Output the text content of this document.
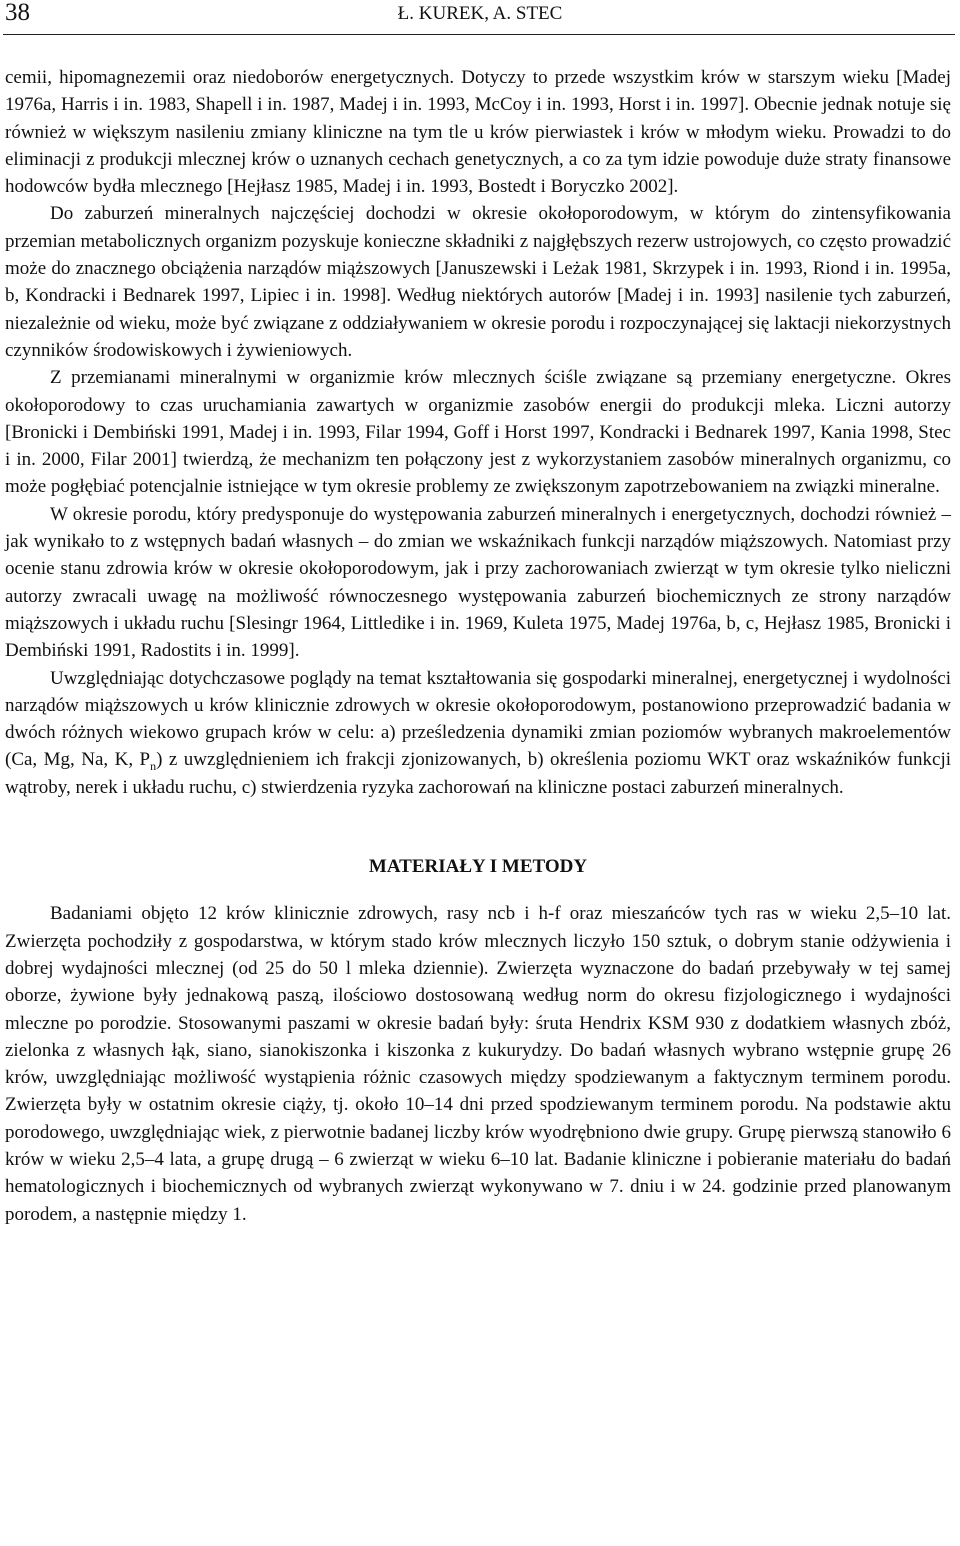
38	Ł. KUREK, A. STEC

cemii, hipomagnezemii oraz niedoborów energetycznych. Dotyczy to przede wszystkim krów w starszym wieku [Madej 1976a, Harris i in. 1983, Shapell i in. 1987, Madej i in. 1993, McCoy i in. 1993, Horst i in. 1997]. Obecnie jednak notuje się również w większym nasileniu zmiany kliniczne na tym tle u krów pierwiastek i krów w młodym wieku. Prowadzi to do eliminacji z produkcji mlecznej krów o uznanych cechach genetycznych, a co za tym idzie powoduje duże straty finansowe hodowców bydła mlecznego [Hejłasz 1985, Madej i in. 1993, Bostedt i Boryczko 2002].

Do zaburzeń mineralnych najczęściej dochodzi w okresie okołoporodowym, w którym do zintensyfikowania przemian metabolicznych organizm pozyskuje konieczne składniki z najgłębszych rezerw ustrojowych, co często prowadzić może do znacznego obciążenia narządów miąższowych [Januszewski i Leżak 1981, Skrzypek i in. 1993, Riond i in. 1995a, b, Kondracki i Bednarek 1997, Lipiec i in. 1998]. Według niektórych autorów [Madej i in. 1993] nasilenie tych zaburzeń, niezależnie od wieku, może być związane z oddziaływaniem w okresie porodu i rozpoczynającej się laktacji niekorzystnych czynników środowiskowych i żywieniowych.

Z przemianami mineralnymi w organizmie krów mlecznych ściśle związane są przemiany energetyczne. Okres okołoporodowy to czas uruchamiania zawartych w organizmie zasobów energii do produkcji mleka. Liczni autorzy [Bronicki i Dembiński 1991, Madej i in. 1993, Filar 1994, Goff i Horst 1997, Kondracki i Bednarek 1997, Kania 1998, Stec i in. 2000, Filar 2001] twierdzą, że mechanizm ten połączony jest z wykorzystaniem zasobów mineralnych organizmu, co może pogłębiać potencjalnie istniejące w tym okresie problemy ze zwiększonym zapotrzebowaniem na związki mineralne.

W okresie porodu, który predysponuje do występowania zaburzeń mineralnych i energetycznych, dochodzi również – jak wynikało to z wstępnych badań własnych – do zmian we wskaźnikach funkcji narządów miąższowych. Natomiast przy ocenie stanu zdrowia krów w okresie okołoporodowym, jak i przy zachorowaniach zwierząt w tym okresie tylko nieliczni autorzy zwracali uwagę na możliwość równoczesnego występowania zaburzeń biochemicznych ze strony narządów miąższowych i układu ruchu [Slesingr 1964, Littledike i in. 1969, Kuleta 1975, Madej 1976a, b, c, Hejłasz 1985, Bronicki i Dembiński 1991, Radostits i in. 1999].

Uwzględniając dotychczasowe poglądy na temat kształtowania się gospodarki mineralnej, energetycznej i wydolności narządów miąższowych u krów klinicznie zdrowych w okresie okołoporodowym, postanowiono przeprowadzić badania w dwóch różnych wiekowo grupach krów w celu: a) prześledzenia dynamiki zmian poziomów wybranych makroelementów (Ca, Mg, Na, K, $P_n$) z uwzględnieniem ich frakcji zjonizowanych, b) określenia poziomu WKT oraz wskaźników funkcji wątroby, nerek i układu ruchu, c) stwierdzenia ryzyka zachorowań na kliniczne postaci zaburzeń mineralnych.

MATERIAŁY I METODY

Badaniami objęto 12 krów klinicznie zdrowych, rasy ncb i h-f oraz mieszańców tych ras w wieku 2,5–10 lat. Zwierzęta pochodziły z gospodarstwa, w którym stado krów mlecznych liczyło 150 sztuk, o dobrym stanie odżywienia i dobrej wydajności mlecznej (od 25 do 50 l mleka dziennie). Zwierzęta wyznaczone do badań przebywały w tej samej oborze, żywione były jednakową paszą, ilościowo dostosowaną według norm do okresu fizjologicznego i wydajności mleczne po porodzie. Stosowanymi paszami w okresie badań były: śruta Hendrix KSM 930 z dodatkiem własnych zbóż, zielonka z własnych łąk, siano, sianokiszonka i kiszonka z kukurydzy. Do badań własnych wybrano wstępnie grupę 26 krów, uwzględniając możliwość wystąpienia różnic czasowych między spodziewanym a faktycznym terminem porodu. Zwierzęta były w ostatnim okresie ciąży, tj. około 10–14 dni przed spodziewanym terminem porodu. Na podstawie aktu porodowego, uwzględniając wiek, z pierwotnie badanej liczby krów wyodrębniono dwie grupy. Grupę pierwszą stanowiło 6 krów w wieku 2,5–4 lata, a grupę drugą – 6 zwierząt w wieku 6–10 lat. Badanie kliniczne i pobieranie materiału do badań hematologicznych i biochemicznych od wybranych zwierząt wykonywano w 7. dniu i w 24. godzinie przed planowanym porodem, a następnie między 1.
